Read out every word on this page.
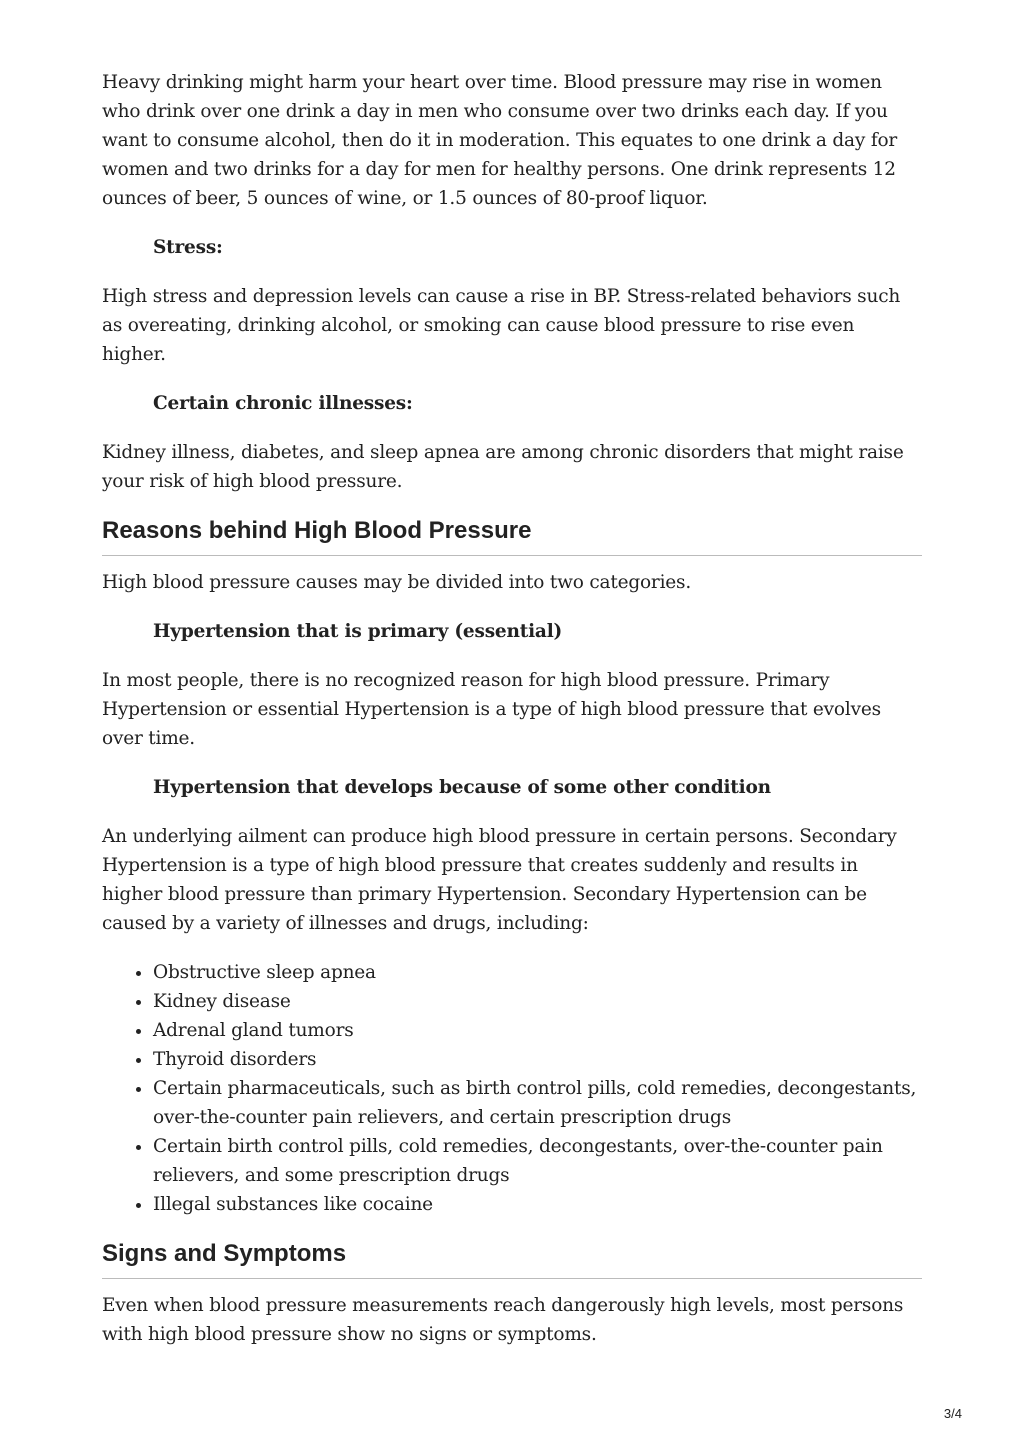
Heavy drinking might harm your heart over time. Blood pressure may rise in women who drink over one drink a day in men who consume over two drinks each day. If you want to consume alcohol, then do it in moderation. This equates to one drink a day for women and two drinks for a day for men for healthy persons. One drink represents 12 ounces of beer, 5 ounces of wine, or 1.5 ounces of 80-proof liquor.

Stress:

High stress and depression levels can cause a rise in BP. Stress-related behaviors such as overeating, drinking alcohol, or smoking can cause blood pressure to rise even higher.

Certain chronic illnesses:

Kidney illness, diabetes, and sleep apnea are among chronic disorders that might raise your risk of high blood pressure.

Reasons behind High Blood Pressure

High blood pressure causes may be divided into two categories.

Hypertension that is primary (essential)

In most people, there is no recognized reason for high blood pressure. Primary Hypertension or essential Hypertension is a type of high blood pressure that evolves over time.

Hypertension that develops because of some other condition

An underlying ailment can produce high blood pressure in certain persons. Secondary Hypertension is a type of high blood pressure that creates suddenly and results in higher blood pressure than primary Hypertension. Secondary Hypertension can be caused by a variety of illnesses and drugs, including:

• Obstructive sleep apnea
• Kidney disease
• Adrenal gland tumors
• Thyroid disorders
• Certain pharmaceuticals, such as birth control pills, cold remedies, decongestants, over-the-counter pain relievers, and certain prescription drugs
• Certain birth control pills, cold remedies, decongestants, over-the-counter pain relievers, and some prescription drugs
• Illegal substances like cocaine
Signs and Symptoms

Even when blood pressure measurements reach dangerously high levels, most persons with high blood pressure show no signs or symptoms.

3/4
